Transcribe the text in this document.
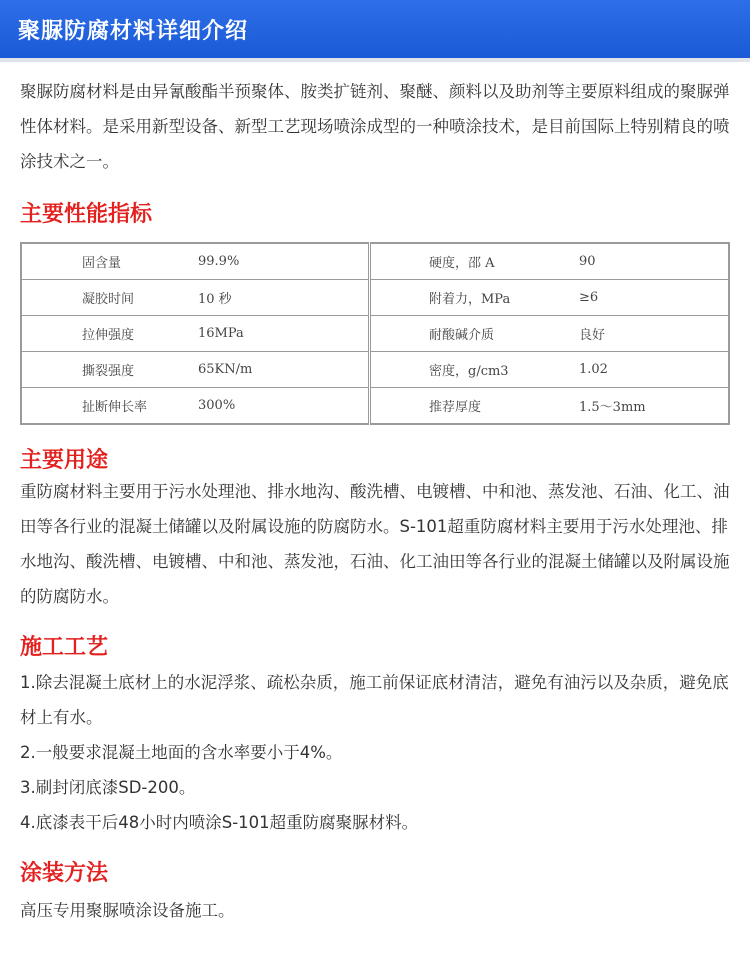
聚脲防腐材料详细介绍

聚脲防腐材料是由异氰酸酯半预聚体、胺类扩链剂、聚醚、颜料以及助剂等主要原料组成的聚脲弹性体材料。是采用新型设备、新型工艺现场喷涂成型的一种喷涂技术，是目前国际上特别精良的喷涂技术之一。

主要性能指标
固含量	99.9%	硬度，邵 A	90
凝胶时间	10 秒	附着力，MPa	≥6
拉伸强度	16MPa	耐酸碱介质	良好
撕裂强度	65KN/m	密度，g/cm3	1.02
扯断伸长率	300%	推荐厚度	1.5～3mm
主要用途

重防腐材料主要用于污水处理池、排水地沟、酸洗槽、电镀槽、中和池、蒸发池、石油、化工、油田等各行业的混凝土储罐以及附属设施的防腐防水。S-101超重防腐材料主要用于污水处理池、排水地沟、酸洗槽、电镀槽、中和池、蒸发池，石油、化工油田等各行业的混凝土储罐以及附属设施的防腐防水。

施工工艺

1.除去混凝土底材上的水泥浮浆、疏松杂质，施工前保证底材清洁，避免有油污以及杂质，避免底材上有水。

2.一般要求混凝土地面的含水率要小于4%。

3.刷封闭底漆SD-200。

4.底漆表干后48小时内喷涂S-101超重防腐聚脲材料。

涂装方法

高压专用聚脲喷涂设备施工。
